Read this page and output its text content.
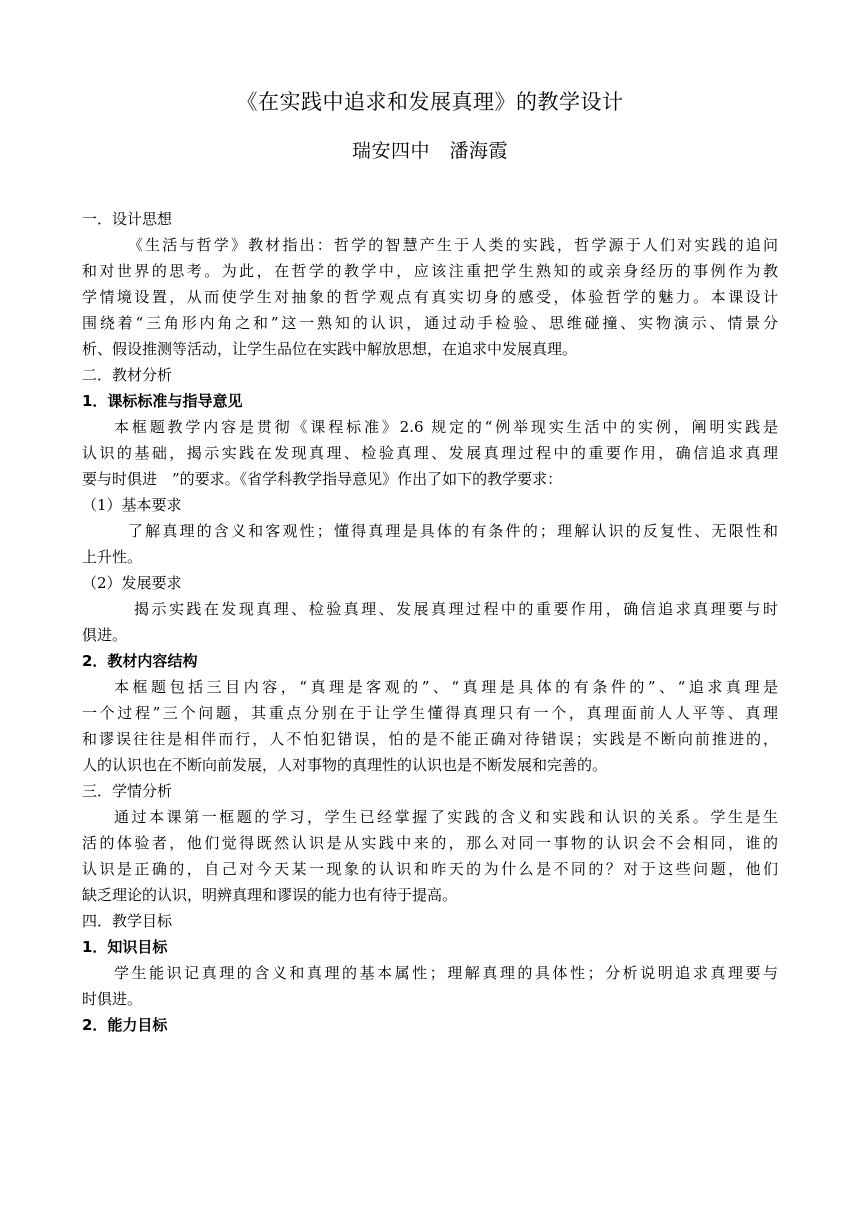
《在实践中追求和发展真理》的教学设计
瑞安四中　潘海霞
一．设计思想
《生活与哲学》教材指出：哲学的智慧产生于人类的实践，哲学源于人们对实践的追问
和对世界的思考。为此，在哲学的教学中，应该注重把学生熟知的或亲身经历的事例作为教
学情境设置，从而使学生对抽象的哲学观点有真实切身的感受，体验哲学的魅力。本课设计
围绕着“三角形内角之和”这一熟知的认识，通过动手检验、思维碰撞、实物演示、情景分
析、假设推测等活动，让学生品位在实践中解放思想，在追求中发展真理。
二．教材分析
1．课标标准与指导意见
本框题教学内容是贯彻《课程标准》2.6 规定的“例举现实生活中的实例，阐明实践是
认识的基础，揭示实践在发现真理、检验真理、发展真理过程中的重要作用，确信追求真理
要与时俱进　”的要求。《省学科教学指导意见》作出了如下的教学要求：
（1）基本要求
了解真理的含义和客观性；懂得真理是具体的有条件的；理解认识的反复性、无限性和
上升性。
（2）发展要求
揭示实践在发现真理、检验真理、发展真理过程中的重要作用，确信追求真理要与时
俱进。
2．教材内容结构
本框题包括三目内容，“真理是客观的”、“真理是具体的有条件的”、“追求真理是
一个过程”三个问题，其重点分别在于让学生懂得真理只有一个，真理面前人人平等、真理
和谬误往往是相伴而行，人不怕犯错误，怕的是不能正确对待错误；实践是不断向前推进的，
人的认识也在不断向前发展，人对事物的真理性的认识也是不断发展和完善的。
三．学情分析
通过本课第一框题的学习，学生已经掌握了实践的含义和实践和认识的关系。学生是生
活的体验者，他们觉得既然认识是从实践中来的，那么对同一事物的认识会不会相同，谁的
认识是正确的，自己对今天某一现象的认识和昨天的为什么是不同的？对于这些问题，他们
缺乏理论的认识，明辨真理和谬误的能力也有待于提高。
四．教学目标
1．知识目标
学生能识记真理的含义和真理的基本属性；理解真理的具体性；分析说明追求真理要与
时俱进。
2．能力目标
